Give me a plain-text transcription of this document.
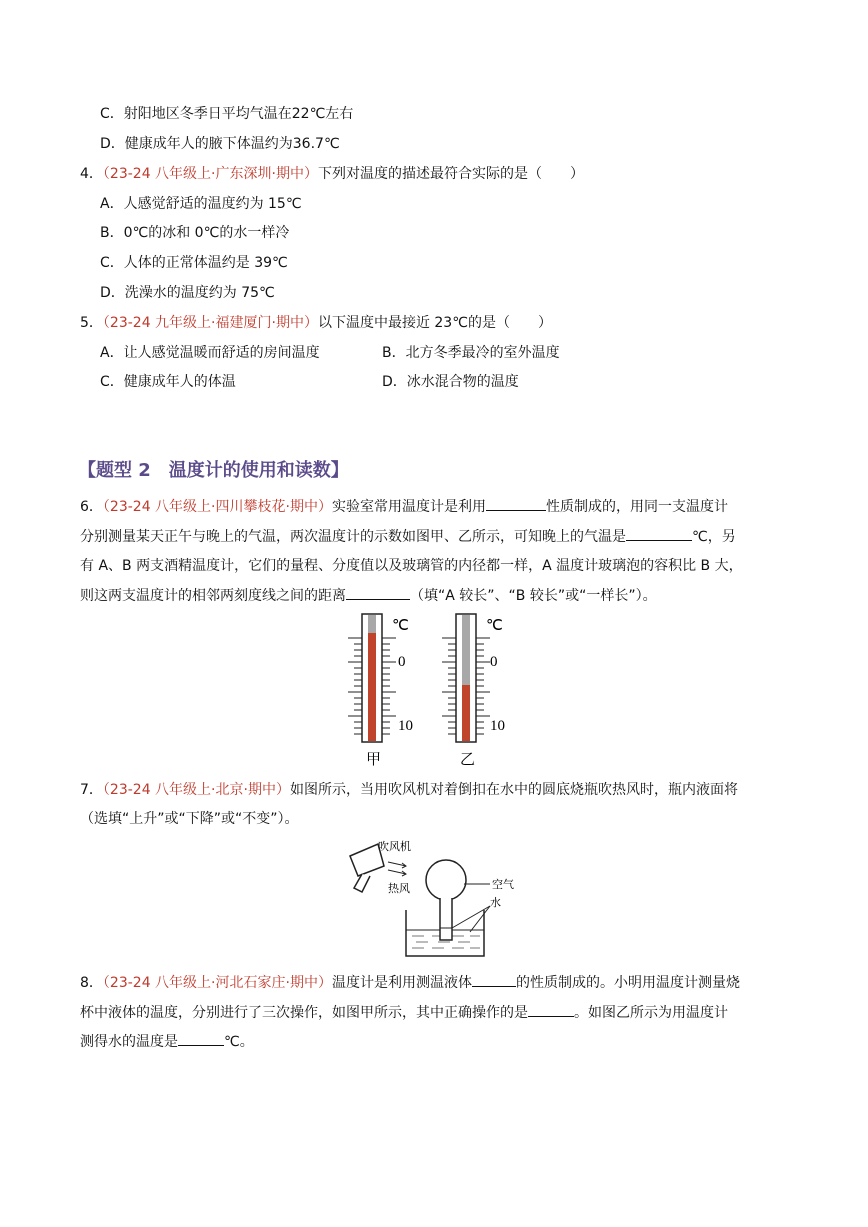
C．射阳地区冬季日平均气温在22℃左右
D．健康成年人的腋下体温约为36.7℃
4．（23-24 八年级上·广东深圳·期中）下列对温度的描述最符合实际的是（　　）
A．人感觉舒适的温度约为 15℃
B．0℃的冰和 0℃的水一样冷
C．人体的正常体温约是 39℃
D．洗澡水的温度约为 75℃
5．（23-24 九年级上·福建厦门·期中）以下温度中最接近 23℃的是（　　）
A．让人感觉温暖而舒适的房间温度	B．北方冬季最冷的室外温度
C．健康成年人的体温	D．冰水混合物的温度
【题型 2　温度计的使用和读数】
6．（23-24 八年级上·四川攀枝花·期中）实验室常用温度计是利用	性质制成的，用同一支温度计
分别测量某天正午与晚上的气温，两次温度计的示数如图甲、乙所示，可知晚上的气温是	℃，另
有 A、B 两支酒精温度计，它们的量程、分度值以及玻璃管的内径都一样，A 温度计玻璃泡的容积比 B 大，
则这两支温度计的相邻两刻度线之间的距离	（填“A 较长”、“B 较长”或“一样长”）。
℃
0
10
甲
℃
0
10
乙
7．（23-24 八年级上·北京·期中）如图所示，当用吹风机对着倒扣在水中的圆底烧瓶吹热风时，瓶内液面将
（选填“上升”或“下降”或“不变”）。
吹风机
热风	空气
水
8．（23-24 八年级上·河北石家庄·期中）温度计是利用测温液体	的性质制成的。小明用温度计测量烧
杯中液体的温度，分别进行了三次操作，如图甲所示，其中正确操作的是	。如图乙所示为用温度计
测得水的温度是	℃。
